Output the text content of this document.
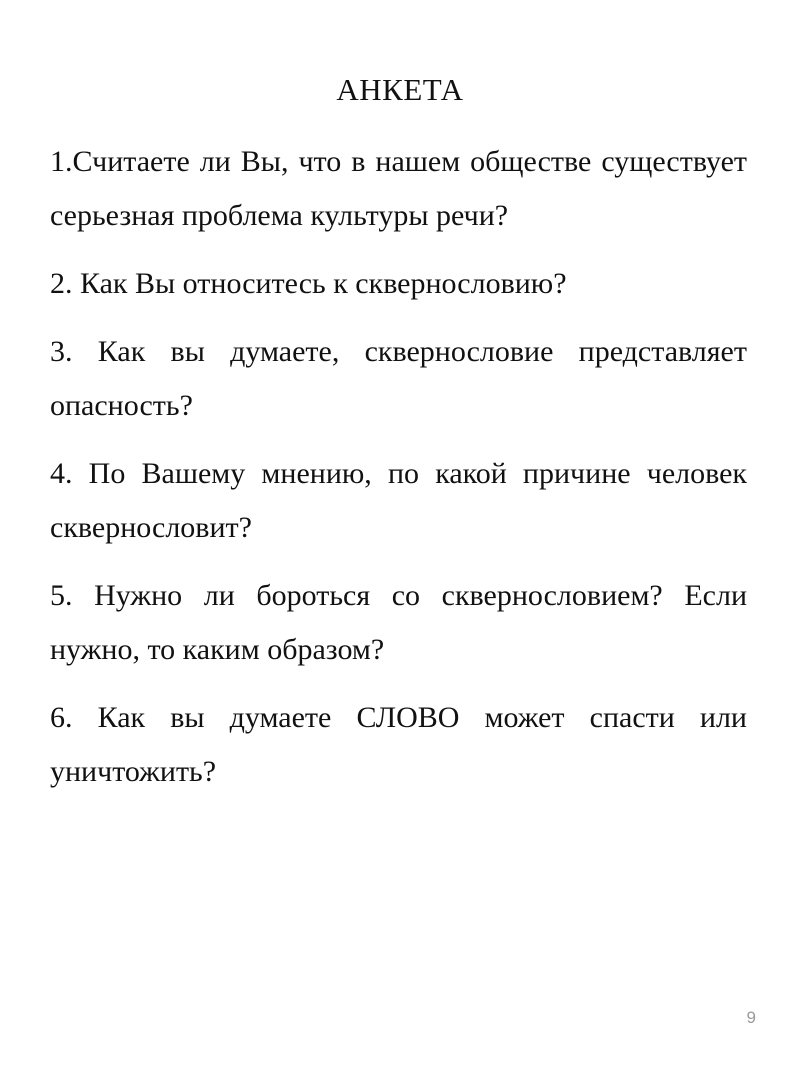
АНКЕТА

1.Считаете ли Вы, что в нашем обществе существует серьезная проблема культуры речи?

2. Как Вы относитесь к сквернословию?

3. Как вы думаете, сквернословие представляет опасность?

4. По Вашему мнению, по какой причине человек сквернословит?

5. Нужно ли бороться со сквернословием? Если нужно, то каким образом?

6. Как вы думаете СЛОВО может спасти или уничтожить?

9
